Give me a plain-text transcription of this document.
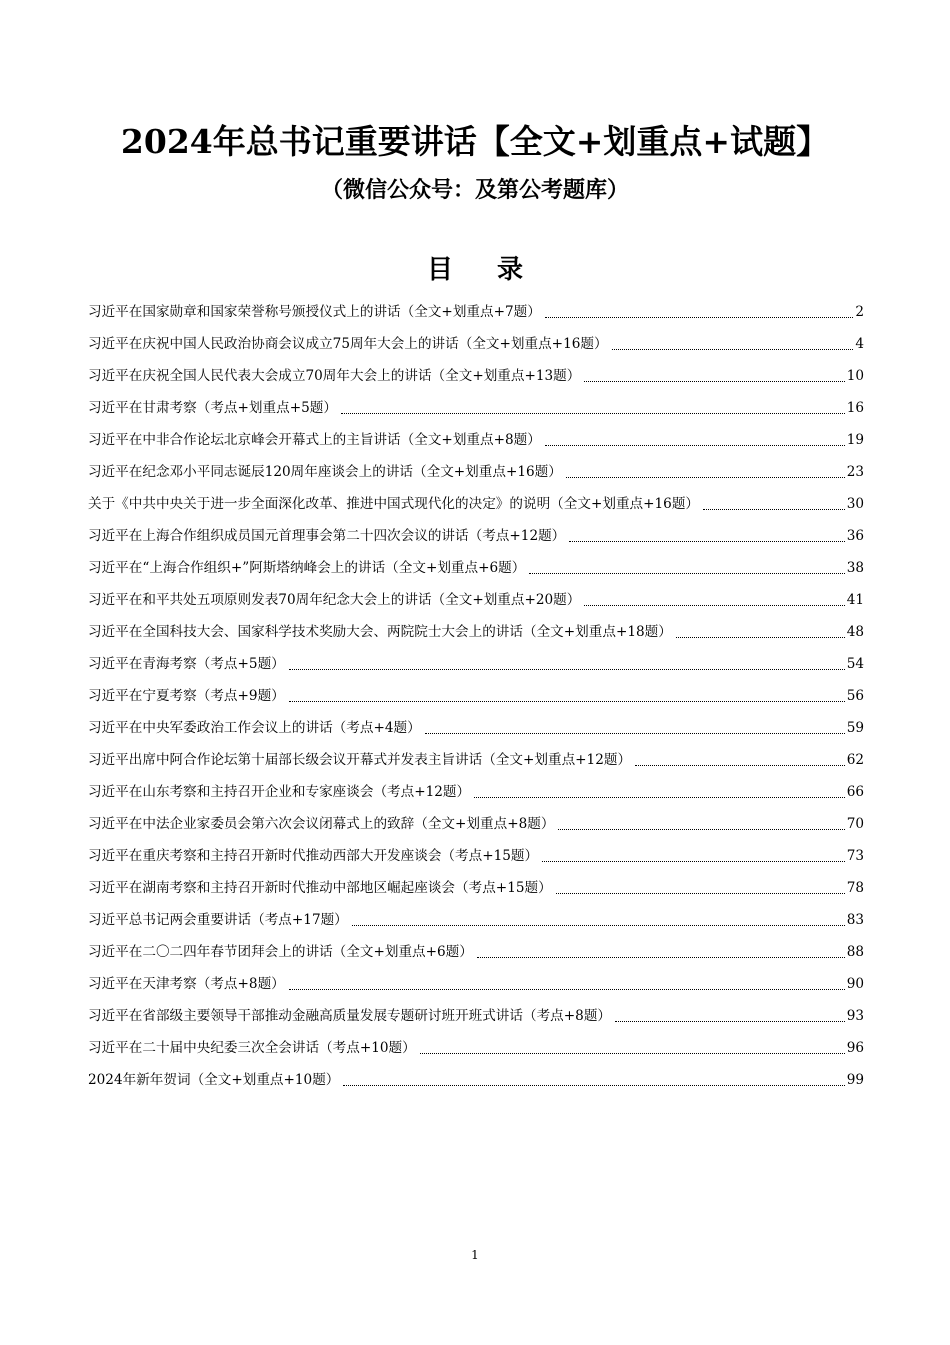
2024年总书记重要讲话【全文+划重点+试题】
（微信公众号：及第公考题库）
目 录
习近平在国家勋章和国家荣誉称号颁授仪式上的讲话（全文+划重点+7题）	2
习近平在庆祝中国人民政治协商会议成立75周年大会上的讲话（全文+划重点+16题）	4
习近平在庆祝全国人民代表大会成立70周年大会上的讲话（全文+划重点+13题）	10
习近平在甘肃考察（考点+划重点+5题）	16
习近平在中非合作论坛北京峰会开幕式上的主旨讲话（全文+划重点+8题）	19
习近平在纪念邓小平同志诞辰120周年座谈会上的讲话（全文+划重点+16题）	23
关于《中共中央关于进一步全面深化改革、推进中国式现代化的决定》的说明（全文+划重点+16题）	30
习近平在上海合作组织成员国元首理事会第二十四次会议的讲话（考点+12题）	36
习近平在“上海合作组织+”阿斯塔纳峰会上的讲话（全文+划重点+6题）	38
习近平在和平共处五项原则发表70周年纪念大会上的讲话（全文+划重点+20题）	41
习近平在全国科技大会、国家科学技术奖励大会、两院院士大会上的讲话（全文+划重点+18题）	48
习近平在青海考察（考点+5题）	54
习近平在宁夏考察（考点+9题）	56
习近平在中央军委政治工作会议上的讲话（考点+4题）	59
习近平出席中阿合作论坛第十届部长级会议开幕式并发表主旨讲话（全文+划重点+12题）	62
习近平在山东考察和主持召开企业和专家座谈会（考点+12题）	66
习近平在中法企业家委员会第六次会议闭幕式上的致辞（全文+划重点+8题）	70
习近平在重庆考察和主持召开新时代推动西部大开发座谈会（考点+15题）	73
习近平在湖南考察和主持召开新时代推动中部地区崛起座谈会（考点+15题）	78
习近平总书记两会重要讲话（考点+17题）	83
习近平在二〇二四年春节团拜会上的讲话（全文+划重点+6题）	88
习近平在天津考察（考点+8题）	90
习近平在省部级主要领导干部推动金融高质量发展专题研讨班开班式讲话（考点+8题）	93
习近平在二十届中央纪委三次全会讲话（考点+10题）	96
2024年新年贺词（全文+划重点+10题）	99
1
